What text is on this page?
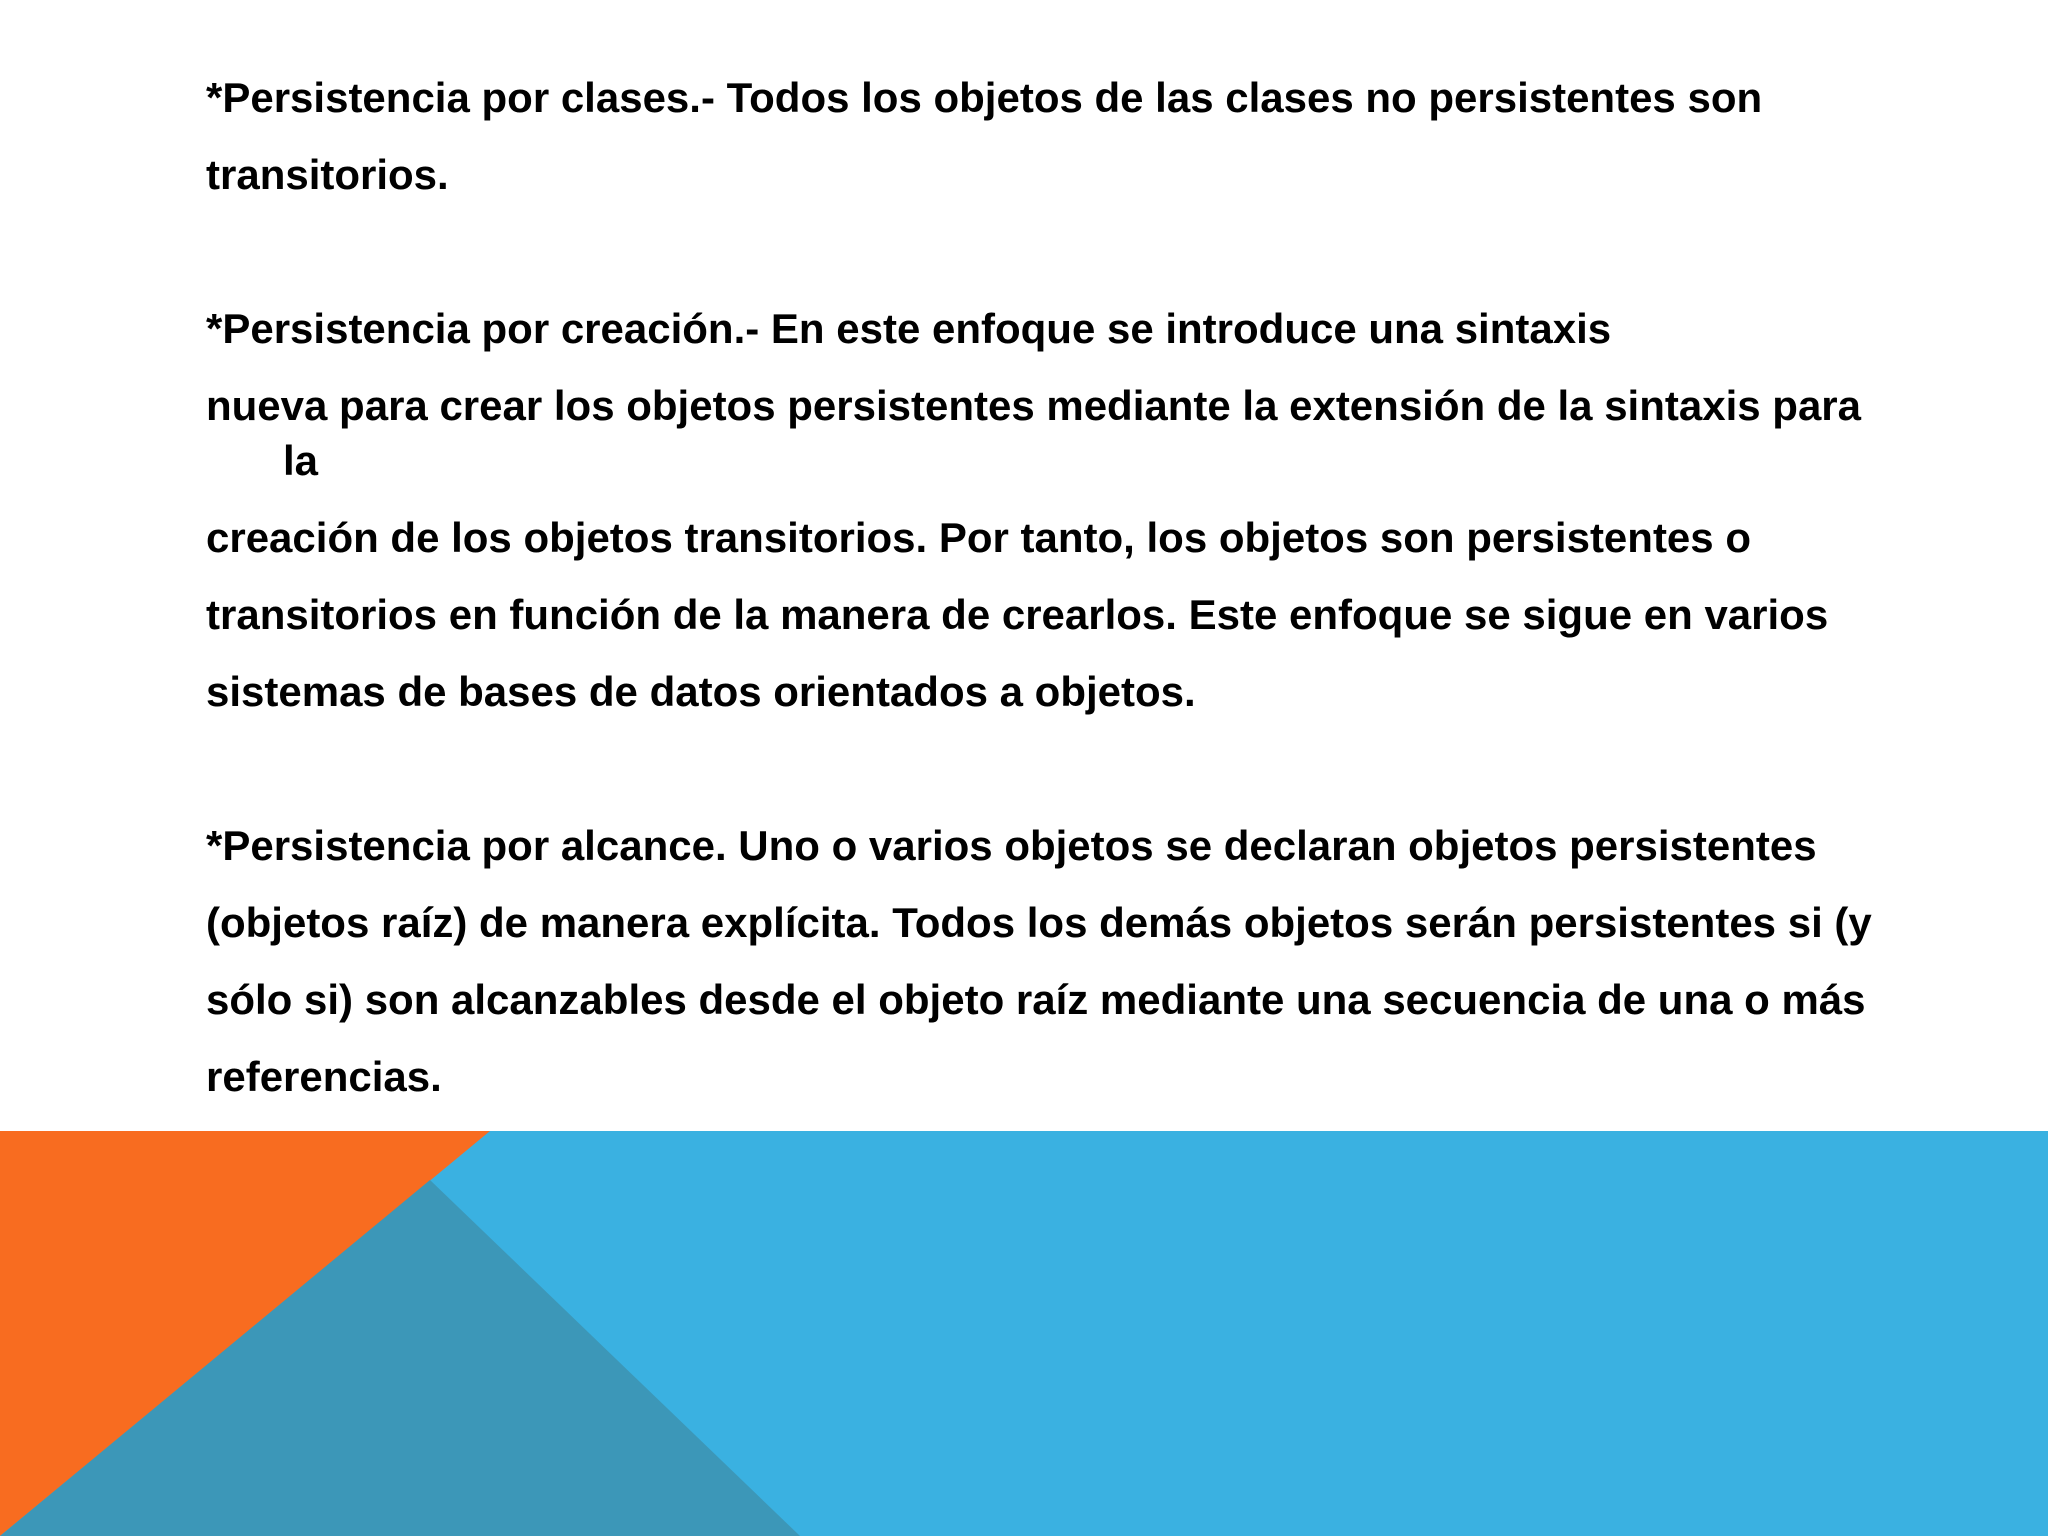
*Persistencia por clases.- Todos los objetos de las clases no persistentes son

transitorios.

*Persistencia por creación.- En este enfoque se introduce una sintaxis

nueva para crear los objetos persistentes mediante la extensión de la sintaxis para la

creación de los objetos transitorios. Por tanto, los objetos son persistentes o

transitorios en función de la manera de crearlos. Este enfoque se sigue en varios

sistemas de bases de datos orientados a objetos.

*Persistencia por alcance. Uno o varios objetos se declaran objetos persistentes

(objetos raíz) de manera explícita. Todos los demás objetos serán persistentes si (y

sólo si) son alcanzables desde el objeto raíz mediante una secuencia de una o más

referencias.
